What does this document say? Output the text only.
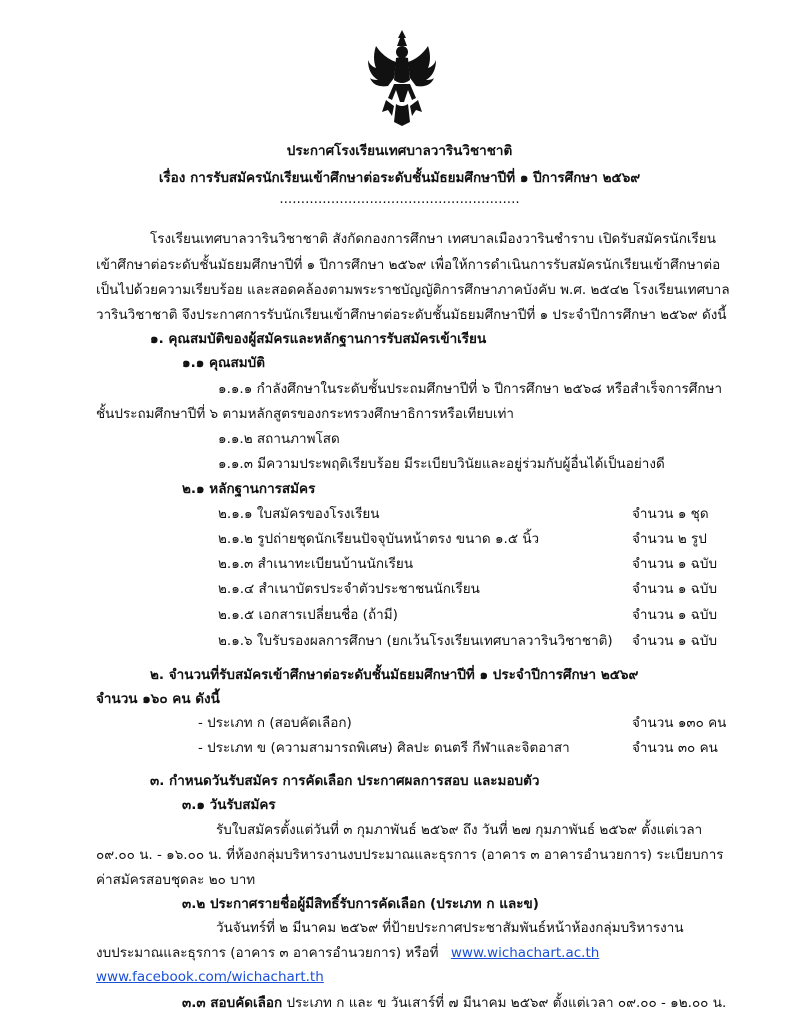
ประกาศโรงเรียนเทศบาลวารินวิชาชาติ
เรื่อง การรับสมัครนักเรียนเข้าศึกษาต่อระดับชั้นมัธยมศึกษาปีที่ ๑ ปีการศึกษา ๒๕๖๙
........................................................
โรงเรียนเทศบาลวารินวิชาชาติ สังกัดกองการศึกษา เทศบาลเมืองวารินชำราบ เปิดรับสมัครนักเรียน
เข้าศึกษาต่อระดับชั้นมัธยมศึกษาปีที่ ๑ ปีการศึกษา ๒๕๖๙ เพื่อให้การดำเนินการรับสมัครนักเรียนเข้าศึกษาต่อ
เป็นไปด้วยความเรียบร้อย และสอดคล้องตามพระราชบัญญัติการศึกษาภาคบังคับ พ.ศ. ๒๕๔๒ โรงเรียนเทศบาล
วารินวิชาชาติ จึงประกาศการรับนักเรียนเข้าศึกษาต่อระดับชั้นมัธยมศึกษาปีที่ ๑ ประจำปีการศึกษา ๒๕๖๙ ดังนี้
๑. คุณสมบัติของผู้สมัครและหลักฐานการรับสมัครเข้าเรียน
๑.๑ คุณสมบัติ
๑.๑.๑ กำลังศึกษาในระดับชั้นประถมศึกษาปีที่ ๖ ปีการศึกษา ๒๕๖๘ หรือสำเร็จการศึกษา
ชั้นประถมศึกษาปีที่ ๖ ตามหลักสูตรของกระทรวงศึกษาธิการหรือเทียบเท่า
๑.๑.๒ สถานภาพโสด
๑.๑.๓ มีความประพฤติเรียบร้อย มีระเบียบวินัยและอยู่ร่วมกับผู้อื่นได้เป็นอย่างดี
๒.๑ หลักฐานการสมัคร
๒.๑.๑ ใบสมัครของโรงเรียน	จำนวน ๑ ชุด
๒.๑.๒ รูปถ่ายชุดนักเรียนปัจจุบันหน้าตรง ขนาด ๑.๕ นิ้ว	จำนวน ๒ รูป
๒.๑.๓ สำเนาทะเบียนบ้านนักเรียน	จำนวน ๑ ฉบับ
๒.๑.๔ สำเนาบัตรประจำตัวประชาชนนักเรียน	จำนวน ๑ ฉบับ
๒.๑.๕ เอกสารเปลี่ยนชื่อ (ถ้ามี)	จำนวน ๑ ฉบับ
๒.๑.๖ ใบรับรองผลการศึกษา (ยกเว้นโรงเรียนเทศบาลวารินวิชาชาติ) จำนวน ๑ ฉบับ
๒. จำนวนที่รับสมัครเข้าศึกษาต่อระดับชั้นมัธยมศึกษาปีที่ ๑ ประจำปีการศึกษา ๒๕๖๙
จำนวน ๑๖๐ คน ดังนี้
- ประเภท ก (สอบคัดเลือก)	จำนวน ๑๓๐ คน
- ประเภท ข (ความสามารถพิเศษ) ศิลปะ ดนตรี กีฬาและจิตอาสา	จำนวน ๓๐ คน
๓. กำหนดวันรับสมัคร การคัดเลือก ประกาศผลการสอบ และมอบตัว
๓.๑ วันรับสมัคร
รับใบสมัครตั้งแต่วันที่ ๓ กุมภาพันธ์ ๒๕๖๙ ถึง วันที่ ๒๗ กุมภาพันธ์ ๒๕๖๙ ตั้งแต่เวลา
๐๙.๐๐ น. - ๑๖.๐๐ น. ที่ห้องกลุ่มบริหารงานงบประมาณและธุรการ (อาคาร ๓ อาคารอำนวยการ) ระเบียบการ
ค่าสมัครสอบชุดละ ๒๐ บาท
๓.๒ ประกาศรายชื่อผู้มีสิทธิ์รับการคัดเลือก (ประเภท ก และข)
วันจันทร์ที่ ๒ มีนาคม ๒๕๖๙ ที่ป้ายประกาศประชาสัมพันธ์หน้าห้องกลุ่มบริหารงาน
งบประมาณและธุรการ (อาคาร ๓ อาคารอำนวยการ) หรือที่ www.wichachart.ac.th
www.facebook.com/wichachart.th
๓.๓ สอบคัดเลือก ประเภท ก และ ข วันเสาร์ที่ ๗ มีนาคม ๒๕๖๙ ตั้งแต่เวลา ๐๙.๐๐ - ๑๒.๐๐ น.
